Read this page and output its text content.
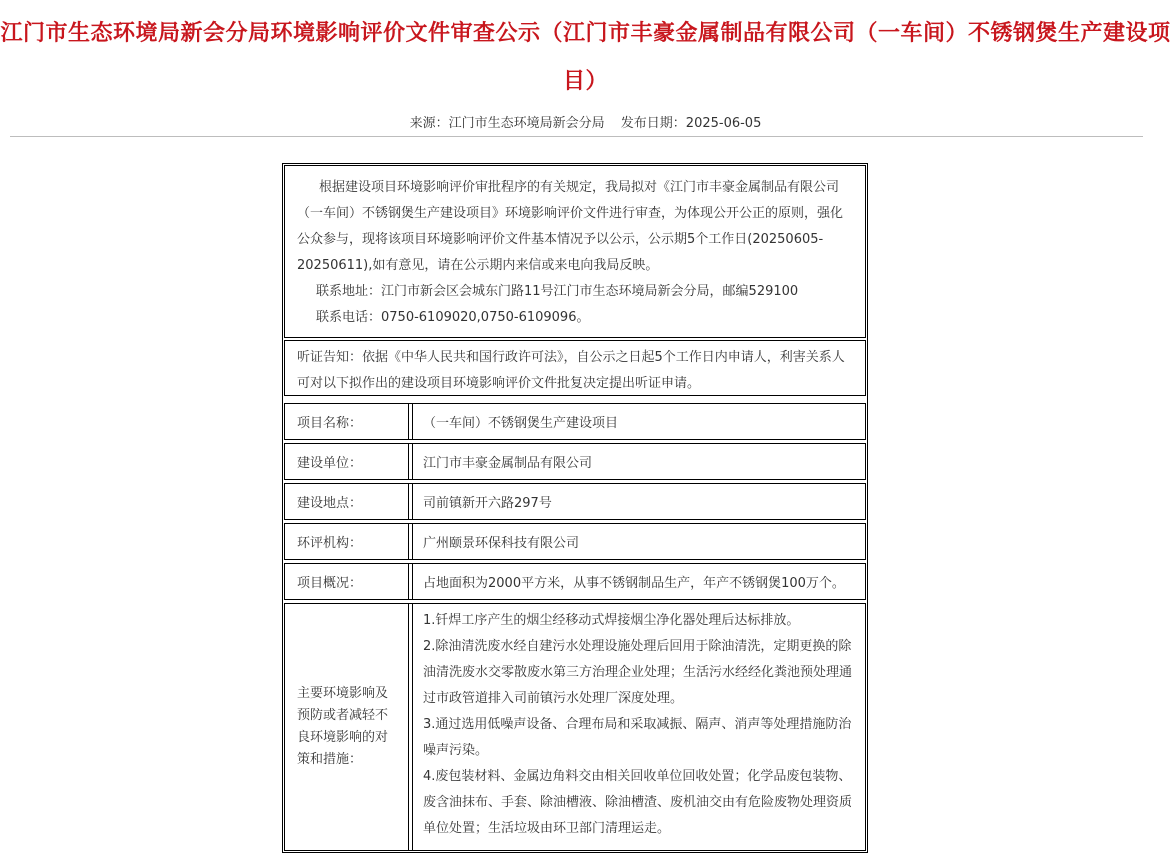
江门市生态环境局新会分局环境影响评价文件审查公示（江门市丰豪金属制品有限公司（一车间）不锈钢煲生产建设项目）
来源：江门市生态环境局新会分局 发布日期：2025-06-05

根据建设项目环境影响评价审批程序的有关规定，我局拟对《江门市丰豪金属制品有限公司（一车间）不锈钢煲生产建设项目》环境影响评价文件进行审查，为体现公开公正的原则，强化公众参与，现将该项目环境影响评价文件基本情况予以公示，公示期5个工作日(20250605-20250611),如有意见，请在公示期内来信或来电向我局反映。

联系地址：江门市新会区会城东门路11号江门市生态环境局新会分局，邮编529100

联系电话：0750-6109020,0750-6109096。

听证告知：依据《中华人民共和国行政许可法》，自公示之日起5个工作日内申请人，利害关系人可对以下拟作出的建设项目环境影响评价文件批复决定提出听证申请。
项目名称：	（一车间）不锈钢煲生产建设项目
建设单位：	江门市丰豪金属制品有限公司
建设地点：	司前镇新开六路297号
环评机构：	广州颐景环保科技有限公司
项目概况：	占地面积为2000平方米，从事不锈钢制品生产，年产不锈钢煲100万个。
主要环境影响及预防或者减轻不良环境影响的对策和措施：

1.钎焊工序产生的烟尘经移动式焊接烟尘净化器处理后达标排放。

2.除油清洗废水经自建污水处理设施处理后回用于除油清洗，定期更换的除油清洗废水交零散废水第三方治理企业处理；生活污水经经化粪池预处理通过市政管道排入司前镇污水处理厂深度处理。

3.通过选用低噪声设备、合理布局和采取减振、隔声、消声等处理措施防治噪声污染。

4.废包装材料、金属边角料交由相关回收单位回收处置；化学品废包装物、废含油抹布、手套、除油槽液、除油槽渣、废机油交由有危险废物处理资质单位处置；生活垃圾由环卫部门清理运走。
